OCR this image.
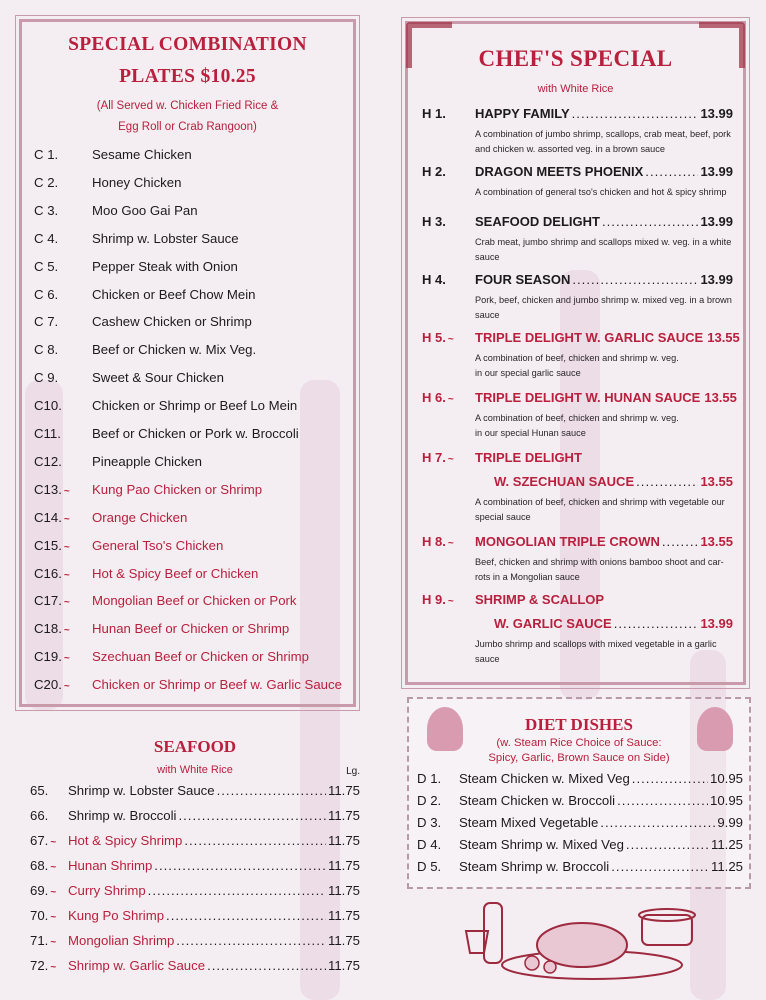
SPECIAL COMBINATION
PLATES $10.25
(All Served w. Chicken Fried Rice &
Egg Roll or Crab Rangoon)
C 1.	Sesame Chicken
C 2.	Honey Chicken
C 3.	Moo Goo Gai Pan
C 4.	Shrimp w. Lobster Sauce
C 5.	Pepper Steak with Onion
C 6.	Chicken or Beef Chow Mein
C 7.	Cashew Chicken or Shrimp
C 8.	Beef or Chicken w. Mix Veg.
C 9.	Sweet & Sour Chicken
C10. Chicken or Shrimp or Beef Lo Mein
C11. Beef or Chicken or Pork w. Broccoli
C12. Pineapple Chicken
C13. ~ Kung Pao Chicken or Shrimp
C14. ~ Orange Chicken
C15. ~ General Tso's Chicken
C16. ~ Hot & Spicy Beef or Chicken
C17. ~ Mongolian Beef or Chicken or Pork
C18. ~ Hunan Beef or Chicken or Shrimp
C19. ~ Szechuan Beef or Chicken or Shrimp
C20. ~ Chicken or Shrimp or Beef w. Garlic Sauce
SEAFOOD
with White Rice	Lg.
65.	Shrimp w. Lobster Sauce .....	11.75
66.	Shrimp w. Broccoli .....	11.75
67. ~ Hot & Spicy Shrimp .....	11.75
68. ~ Hunan Shrimp .....	11.75
69. ~ Curry Shrimp .....	11.75
70. ~ Kung Po Shrimp .....	11.75
71. ~ Mongolian Shrimp .....	11.75
72. ~ Shrimp w. Garlic Sauce .....	11.75
CHEF'S SPECIAL
with White Rice
H 1. HAPPY FAMILY .....	13.99
A combination of jumbo shrimp, scallops, crab meat, beef, pork
and chicken w. assorted veg. in a brown sauce
H 2. DRAGON MEETS PHOENIX .....	13.99
A combination of general tso's chicken and hot & spicy shrimp
H 3. SEAFOOD DELIGHT .....	13.99
Crab meat, jumbo shrimp and scallops mixed w. veg. in a white
sauce
H 4. FOUR SEASON .....	13.99
Pork, beef, chicken and jumbo shrimp w. mixed veg. in a brown
sauce
H 5. ~ TRIPLE DELIGHT W. GARLIC SAUCE 13.55
A combination of beef, chicken and shrimp w. veg.
in our special garlic sauce
H 6. ~ TRIPLE DELIGHT W. HUNAN SAUCE 13.55
A combination of beef, chicken and shrimp w. veg.
in our special Hunan sauce
H 7. ~ TRIPLE DELIGHT
W. SZECHUAN SAUCE .....	13.55
A combination of beef, chicken and shrimp with vegetable our
special sauce
H 8. ~ MONGOLIAN TRIPLE CROWN .....	13.55
Beef, chicken and shrimp with onions bamboo shoot and car-
rots in a Mongolian sauce
H 9. ~ SHRIMP & SCALLOP
W. GARLIC SAUCE .....	13.99
Jumbo shrimp and scallops with mixed vegetable in a garlic
sauce
DIET DISHES
(w. Steam Rice Choice of Sauce:
Spicy, Garlic, Brown Sauce on Side)
D 1.	Steam Chicken w. Mixed Veg .....	10.95
D 2.	Steam Chicken w. Broccoli .....	10.95
D 3.	Steam Mixed Vegetable .....	9.99
D 4.	Steam Shrimp w. Mixed Veg .....	11.25
D 5.	Steam Shrimp w. Broccoli .....	11.25
